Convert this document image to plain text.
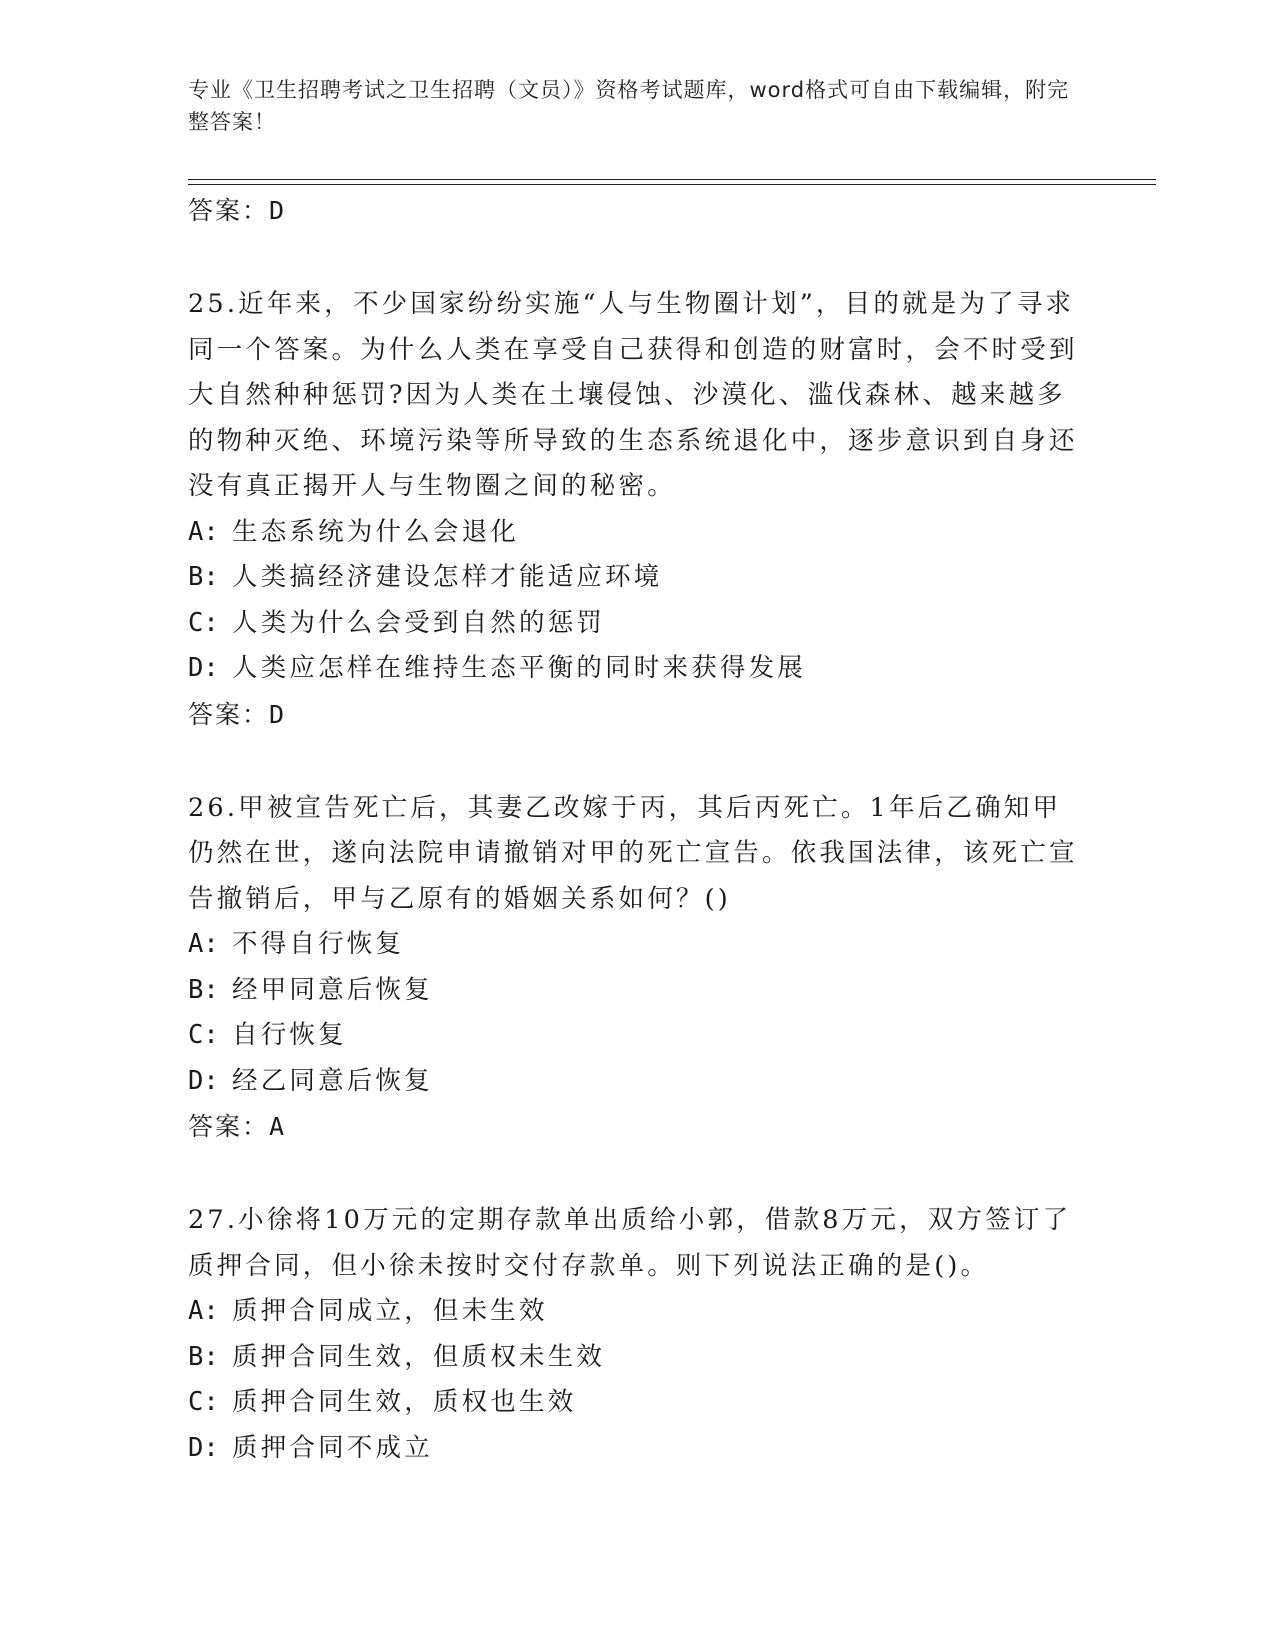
专业《卫生招聘考试之卫生招聘（文员）》资格考试题库，word格式可自由下载编辑，附完整答案！
答案：D

25.近年来，不少国家纷纷实施“人与生物圈计划”，目的就是为了寻求同一个答案。为什么人类在享受自己获得和创造的财富时，会不时受到大自然种种惩罚?因为人类在土壤侵蚀、沙漠化、滥伐森林、越来越多的物种灭绝、环境污染等所导致的生态系统退化中，逐步意识到自身还没有真正揭开人与生物圈之间的秘密。

A: 生态系统为什么会退化
B: 人类搞经济建设怎样才能适应环境
C: 人类为什么会受到自然的惩罚
D: 人类应怎样在维持生态平衡的同时来获得发展
答案：D

26.甲被宣告死亡后，其妻乙改嫁于丙，其后丙死亡。1年后乙确知甲仍然在世，遂向法院申请撤销对甲的死亡宣告。依我国法律，该死亡宣告撤销后，甲与乙原有的婚姻关系如何？()

A: 不得自行恢复
B: 经甲同意后恢复
C: 自行恢复
D: 经乙同意后恢复
答案：A

27.小徐将10万元的定期存款单出质给小郭，借款8万元，双方签订了质押合同，但小徐未按时交付存款单。则下列说法正确的是()。

A: 质押合同成立，但未生效
B: 质押合同生效，但质权未生效
C: 质押合同生效，质权也生效
D: 质押合同不成立
